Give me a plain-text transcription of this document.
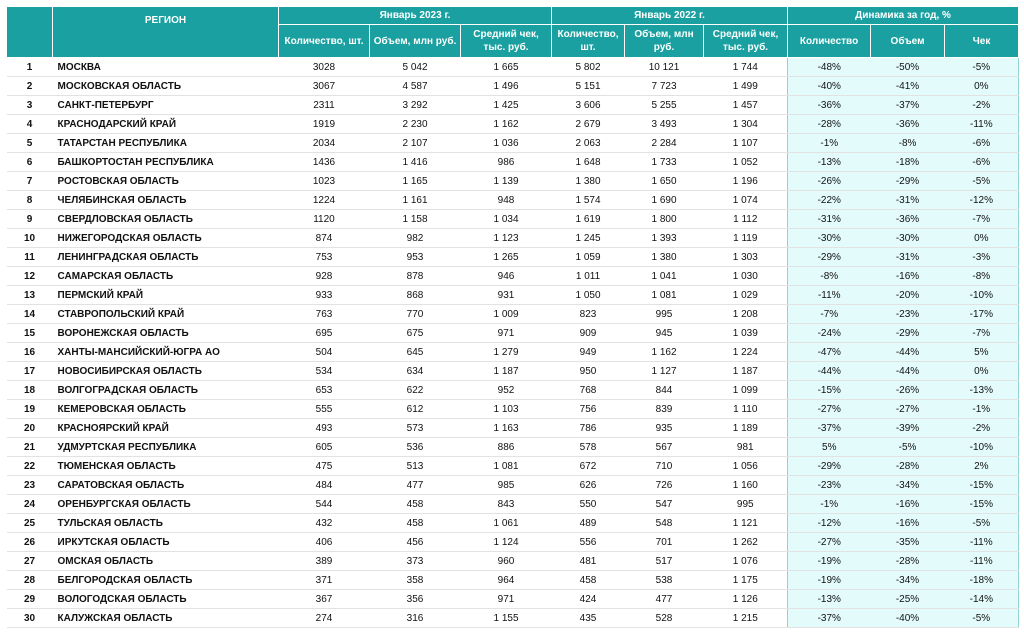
	РЕГИОН	Январь 2023 г.			Январь 2022 г.			Динамика за год, %		
		Количество, шт.	Объем, млн руб.	Средний чек, тыс. руб.	Количество, шт.	Объем, млн руб.	Средний чек, тыс. руб.	Количество	Объем	Чек
1	МОСКВА	3028	5 042	1 665	5 802	10 121	1 744	-48%	-50%	-5%
2	МОСКОВСКАЯ ОБЛАСТЬ	3067	4 587	1 496	5 151	7 723	1 499	-40%	-41%	0%
3	САНКТ-ПЕТЕРБУРГ	2311	3 292	1 425	3 606	5 255	1 457	-36%	-37%	-2%
4	КРАСНОДАРСКИЙ КРАЙ	1919	2 230	1 162	2 679	3 493	1 304	-28%	-36%	-11%
5	ТАТАРСТАН РЕСПУБЛИКА	2034	2 107	1 036	2 063	2 284	1 107	-1%	-8%	-6%
6	БАШКОРТОСТАН РЕСПУБЛИКА	1436	1 416	986	1 648	1 733	1 052	-13%	-18%	-6%
7	РОСТОВСКАЯ ОБЛАСТЬ	1023	1 165	1 139	1 380	1 650	1 196	-26%	-29%	-5%
8	ЧЕЛЯБИНСКАЯ ОБЛАСТЬ	1224	1 161	948	1 574	1 690	1 074	-22%	-31%	-12%
9	СВЕРДЛОВСКАЯ ОБЛАСТЬ	1120	1 158	1 034	1 619	1 800	1 112	-31%	-36%	-7%
10	НИЖЕГОРОДСКАЯ ОБЛАСТЬ	874	982	1 123	1 245	1 393	1 119	-30%	-30%	0%
11	ЛЕНИНГРАДСКАЯ ОБЛАСТЬ	753	953	1 265	1 059	1 380	1 303	-29%	-31%	-3%
12	САМАРСКАЯ ОБЛАСТЬ	928	878	946	1 011	1 041	1 030	-8%	-16%	-8%
13	ПЕРМСКИЙ КРАЙ	933	868	931	1 050	1 081	1 029	-11%	-20%	-10%
14	СТАВРОПОЛЬСКИЙ КРАЙ	763	770	1 009	823	995	1 208	-7%	-23%	-17%
15	ВОРОНЕЖСКАЯ ОБЛАСТЬ	695	675	971	909	945	1 039	-24%	-29%	-7%
16	ХАНТЫ-МАНСИЙСКИЙ-ЮГРА АО	504	645	1 279	949	1 162	1 224	-47%	-44%	5%
17	НОВОСИБИРСКАЯ ОБЛАСТЬ	534	634	1 187	950	1 127	1 187	-44%	-44%	0%
18	ВОЛГОГРАДСКАЯ ОБЛАСТЬ	653	622	952	768	844	1 099	-15%	-26%	-13%
19	КЕМЕРОВСКАЯ ОБЛАСТЬ	555	612	1 103	756	839	1 110	-27%	-27%	-1%
20	КРАСНОЯРСКИЙ КРАЙ	493	573	1 163	786	935	1 189	-37%	-39%	-2%
21	УДМУРТСКАЯ РЕСПУБЛИКА	605	536	886	578	567	981	5%	-5%	-10%
22	ТЮМЕНСКАЯ ОБЛАСТЬ	475	513	1 081	672	710	1 056	-29%	-28%	2%
23	САРАТОВСКАЯ ОБЛАСТЬ	484	477	985	626	726	1 160	-23%	-34%	-15%
24	ОРЕНБУРГСКАЯ ОБЛАСТЬ	544	458	843	550	547	995	-1%	-16%	-15%
25	ТУЛЬСКАЯ ОБЛАСТЬ	432	458	1 061	489	548	1 121	-12%	-16%	-5%
26	ИРКУТСКАЯ ОБЛАСТЬ	406	456	1 124	556	701	1 262	-27%	-35%	-11%
27	ОМСКАЯ ОБЛАСТЬ	389	373	960	481	517	1 076	-19%	-28%	-11%
28	БЕЛГОРОДСКАЯ ОБЛАСТЬ	371	358	964	458	538	1 175	-19%	-34%	-18%
29	ВОЛОГОДСКАЯ ОБЛАСТЬ	367	356	971	424	477	1 126	-13%	-25%	-14%
30	КАЛУЖСКАЯ ОБЛАСТЬ	274	316	1 155	435	528	1 215	-37%	-40%	-5%
